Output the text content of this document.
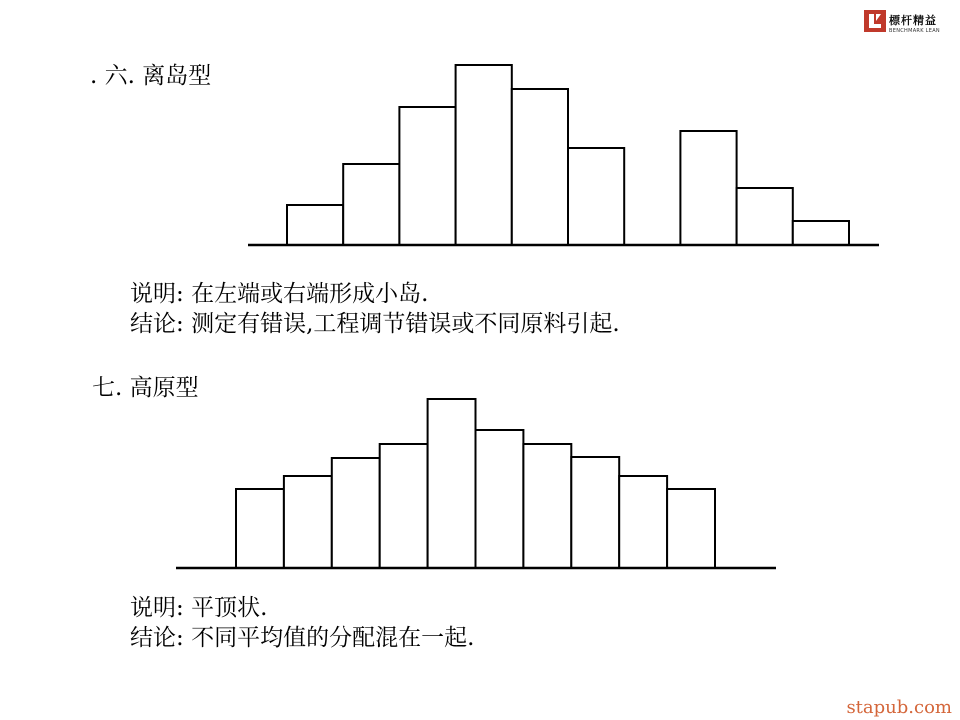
標杆精益
BENCHMARK LEAN
. 六. 离岛型
说明: 在左端或右端形成小岛.
结论: 测定有错误,工程调节错误或不同原料引起.
七. 高原型
说明: 平顶状.
结论: 不同平均值的分配混在一起.
stapub.com
